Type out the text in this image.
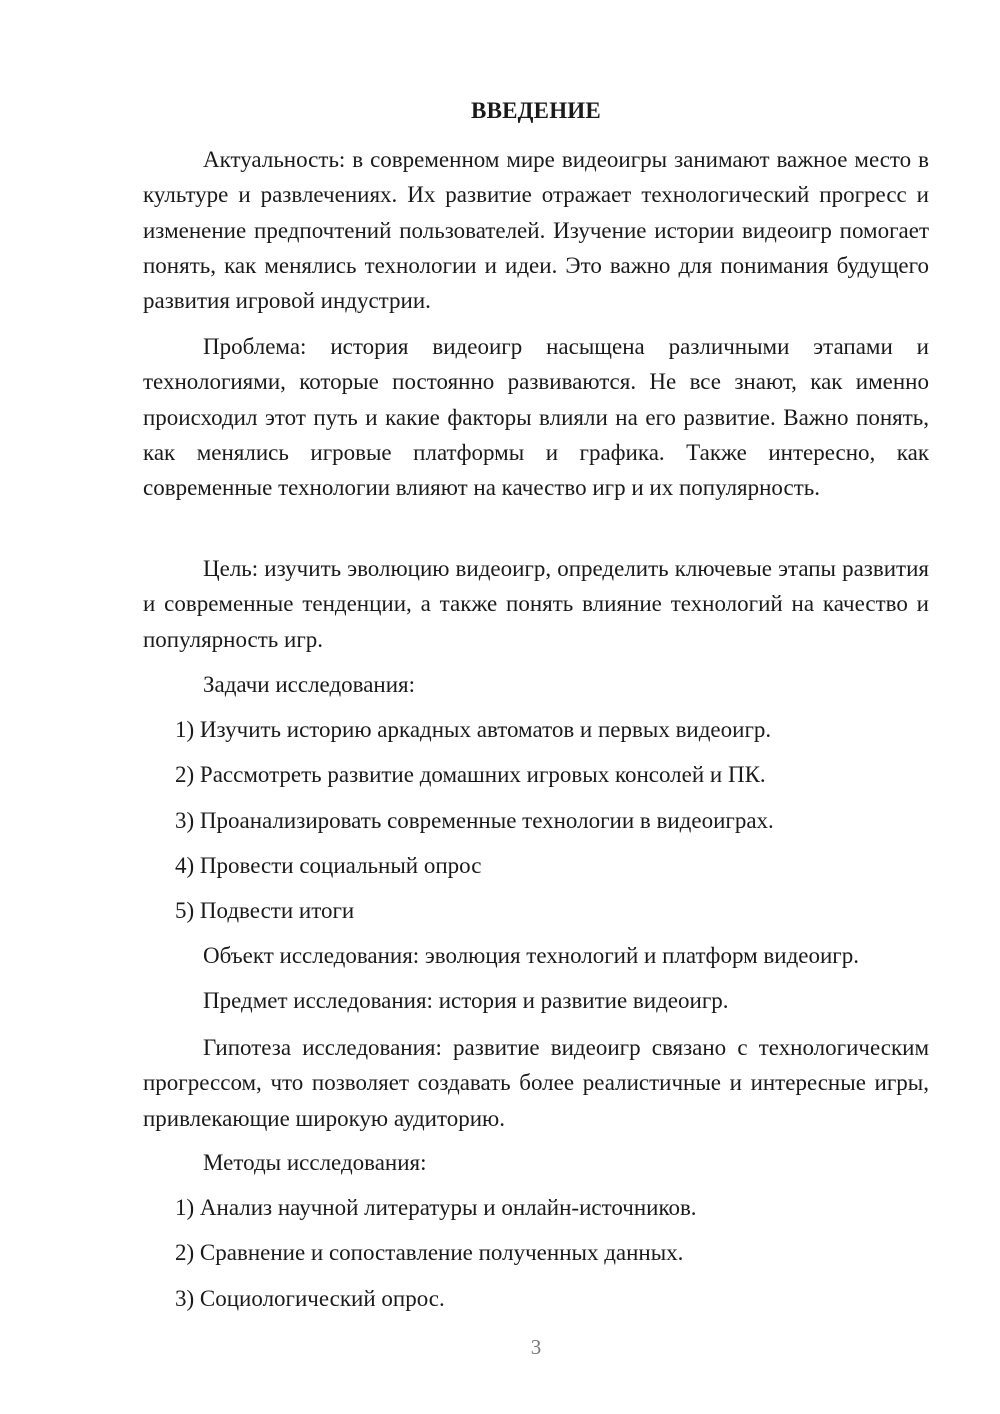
ВВЕДЕНИЕ

Актуальность: в современном мире видеоигры занимают важное место в культуре и развлечениях. Их развитие отражает технологический прогресс и изменение предпочтений пользователей. Изучение истории видеоигр помогает понять, как менялись технологии и идеи. Это важно для понимания будущего развития игровой индустрии.

Проблема: история видеоигр насыщена различными этапами и технологиями, которые постоянно развиваются. Не все знают, как именно происходил этот путь и какие факторы влияли на его развитие. Важно понять, как менялись игровые платформы и графика. Также интересно, как современные технологии влияют на качество игр и их популярность.

Цель: изучить эволюцию видеоигр, определить ключевые этапы развития и современные тенденции, а также понять влияние технологий на качество и популярность игр.

Задачи исследования:

1) Изучить историю аркадных автоматов и первых видеоигр.

2) Рассмотреть развитие домашних игровых консолей и ПК.

3) Проанализировать современные технологии в видеоиграх.

4) Провести социальный опрос

5) Подвести итоги

Объект исследования: эволюция технологий и платформ видеоигр.

Предмет исследования: история и развитие видеоигр.

Гипотеза исследования: развитие видеоигр связано с технологическим прогрессом, что позволяет создавать более реалистичные и интересные игры, привлекающие широкую аудиторию.

Методы исследования:

1) Анализ научной литературы и онлайн-источников.

2) Сравнение и сопоставление полученных данных.

3) Социологический опрос.

3
